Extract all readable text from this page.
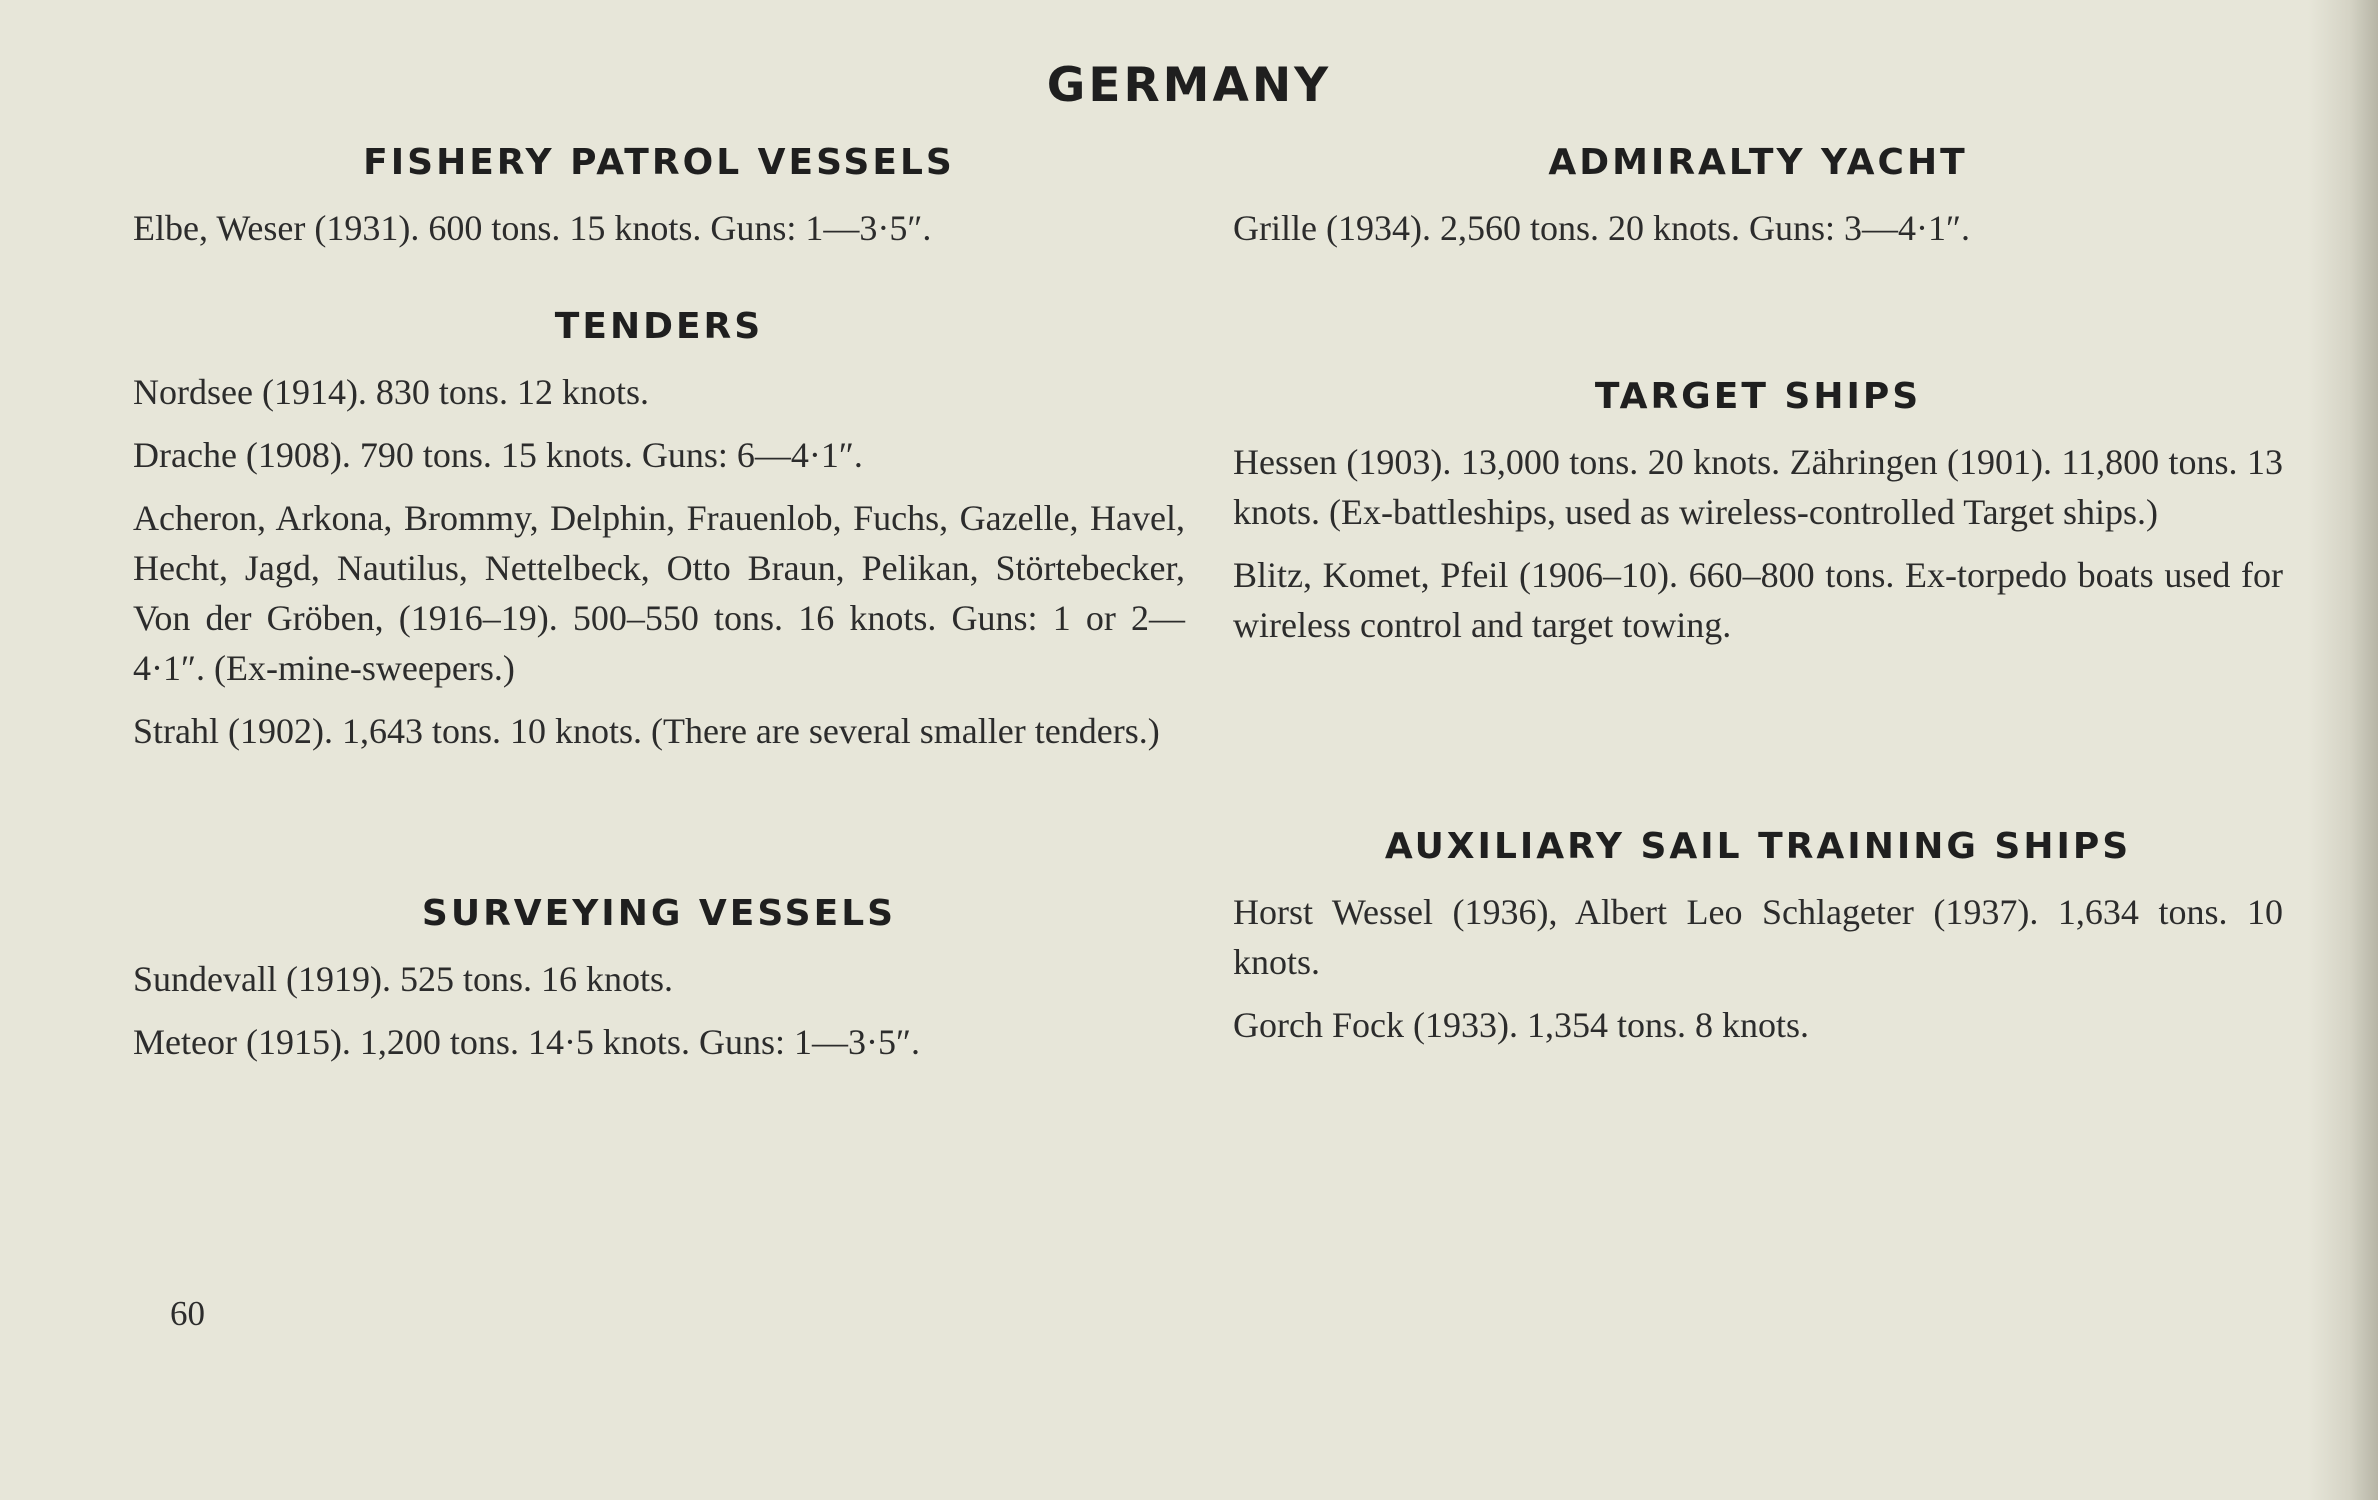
GERMANY
FISHERY PATROL VESSELS

Elbe, Weser (1931). 600 tons. 15 knots. Guns: 1—3·5″.

TENDERS

Nordsee (1914). 830 tons. 12 knots.

Drache (1908). 790 tons. 15 knots. Guns: 6—4·1″.

Acheron, Arkona, Brommy, Delphin, Frauenlob, Fuchs, Gazelle, Havel, Hecht, Jagd, Nautilus, Nettelbeck, Otto Braun, Pelikan, Störtebecker, Von der Gröben, (1916–19). 500–550 tons. 16 knots. Guns: 1 or 2—4·1″. (Ex-mine-sweepers.)

Strahl (1902). 1,643 tons. 10 knots. (There are several smaller tenders.)

SURVEYING VESSELS

Sundevall (1919). 525 tons. 16 knots.

Meteor (1915). 1,200 tons. 14·5 knots. Guns: 1—3·5″.

ADMIRALTY YACHT

Grille (1934). 2,560 tons. 20 knots. Guns: 3—4·1″.

TARGET SHIPS

Hessen (1903). 13,000 tons. 20 knots. Zähringen (1901). 11,800 tons. 13 knots. (Ex-battleships, used as wireless-controlled Target ships.)

Blitz, Komet, Pfeil (1906–10). 660–800 tons. Ex-torpedo boats used for wireless control and target towing.

AUXILIARY SAIL TRAINING SHIPS

Horst Wessel (1936), Albert Leo Schlageter (1937). 1,634 tons. 10 knots.

Gorch Fock (1933). 1,354 tons. 8 knots.

60
